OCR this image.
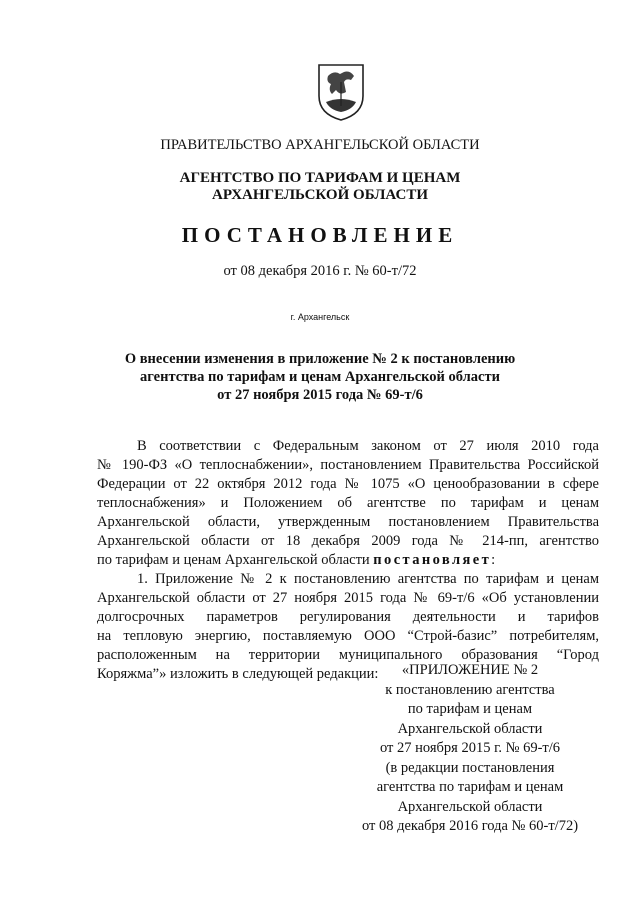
ПРАВИТЕЛЬСТВО АРХАНГЕЛЬСКОЙ ОБЛАСТИ
АГЕНТСТВО ПО ТАРИФАМ И ЦЕНАМ
АРХАНГЕЛЬСКОЙ ОБЛАСТИ
ПОСТАНОВЛЕНИЕ
от 08 декабря 2016 г. № 60-т/72
г. Архангельск
О внесении изменения в приложение № 2 к постановлению
агентства по тарифам и ценам Архангельской области
от 27 ноября 2015 года № 69-т/6
В соответствии с Федеральным законом от 27 июля 2010 года
№ 190-ФЗ «О теплоснабжении», постановлением Правительства Российской
Федерации от 22 октября 2012 года № 1075 «О ценообразовании в сфере
теплоснабжения» и Положением об агентстве по тарифам и ценам
Архангельской области, утвержденным постановлением Правительства
Архангельской области от 18 декабря 2009 года № 214-пп, агентство
по тарифам и ценам Архангельской области постановляет:
1. Приложение № 2 к постановлению агентства по тарифам и ценам
Архангельской области от 27 ноября 2015 года № 69-т/6 «Об установлении
долгосрочных параметров регулирования деятельности и тарифов
на тепловую энергию, поставляемую ООО “Строй-базис” потребителям,
расположенным на территории муниципального образования “Город
Коряжма”» изложить в следующей редакции:	«ПРИЛОЖЕНИЕ № 2
к постановлению агентства
по тарифам и ценам
Архангельской области
от 27 ноября 2015 г. № 69-т/6
(в редакции постановления
агентства по тарифам и ценам
Архангельской области
от 08 декабря 2016 года № 60-т/72)
